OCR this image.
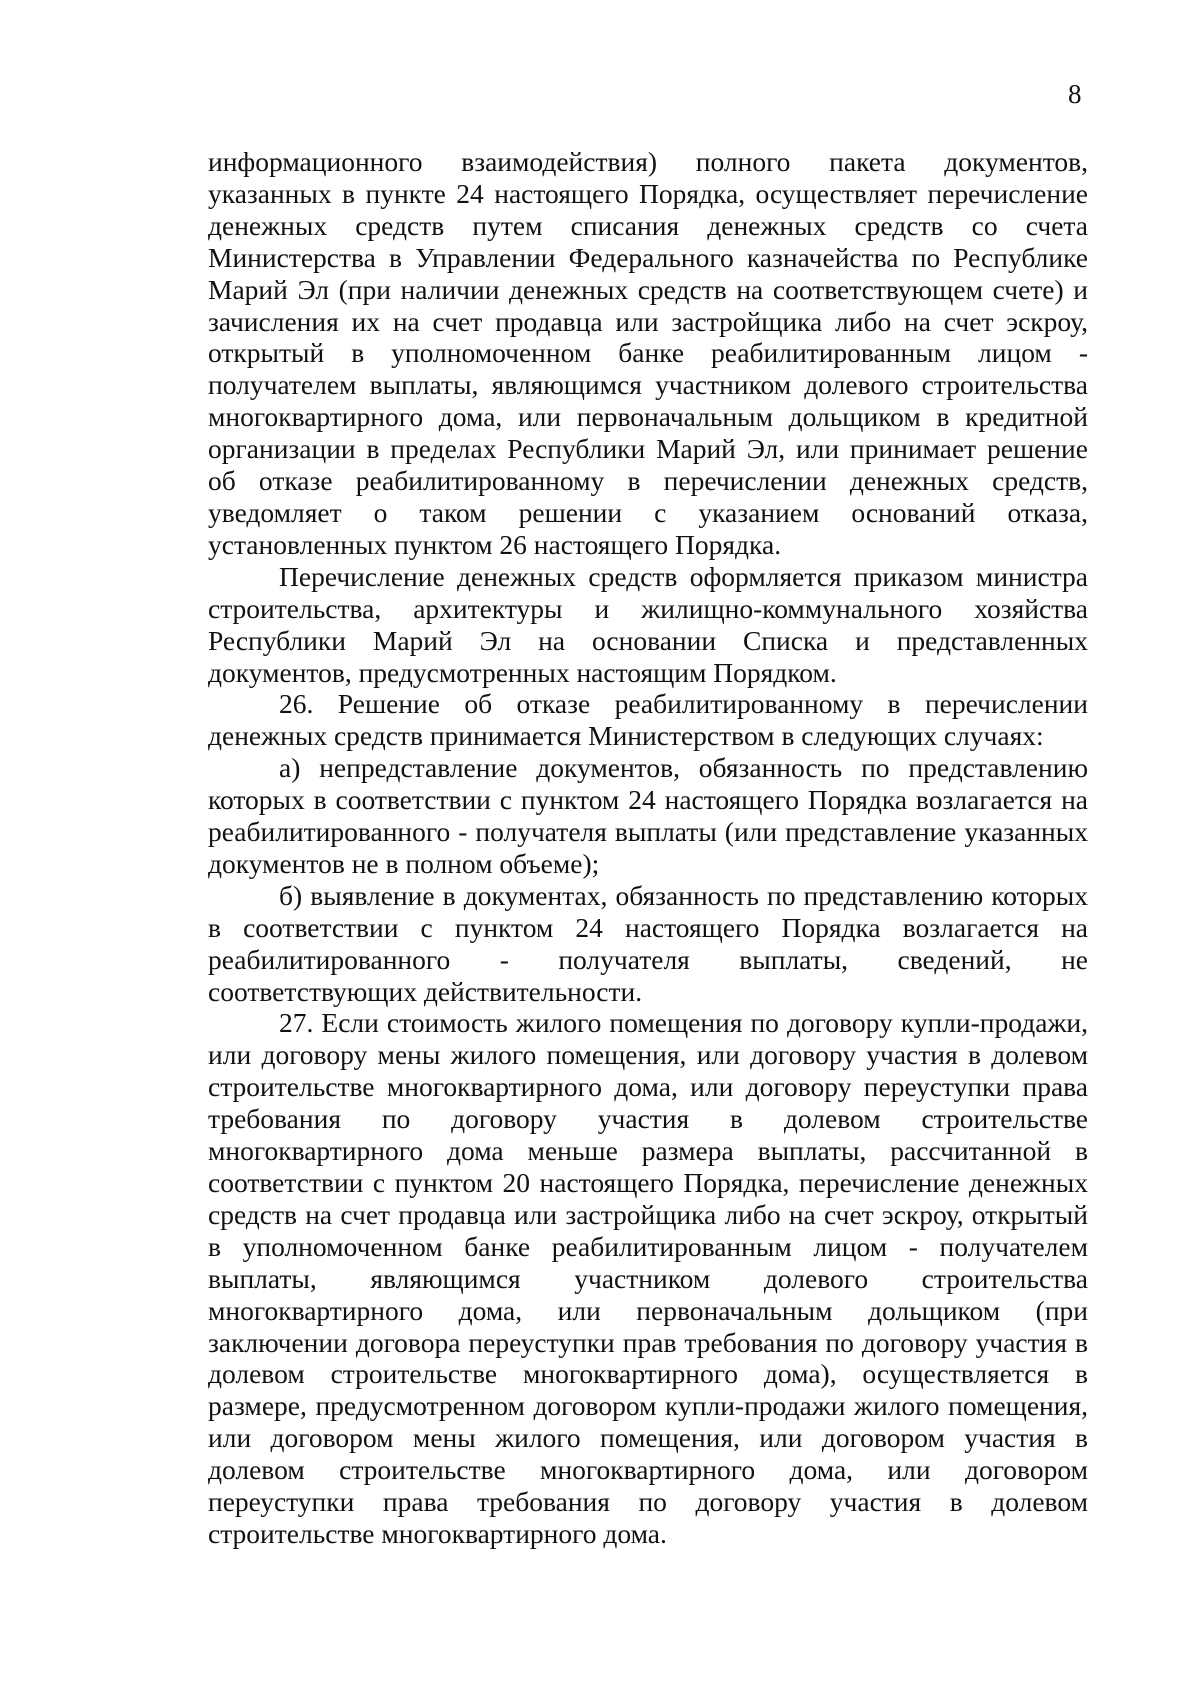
8

информационного взаимодействия) полного пакета документов, указанных в пункте 24 настоящего Порядка, осуществляет перечисление денежных средств путем списания денежных средств со счета Министерства в Управлении Федерального казначейства по Республике Марий Эл (при наличии денежных средств на соответствующем счете) и зачисления их на счет продавца или застройщика либо на счет эскроу, открытый в уполномоченном банке реабилитированным лицом - получателем выплаты, являющимся участником долевого строительства многоквартирного дома, или первоначальным дольщиком в кредитной организации в пределах Республики Марий Эл, или принимает решение об отказе реабилитированному в перечислении денежных средств, уведомляет о таком решении с указанием оснований отказа, установленных пунктом 26 настоящего Порядка.

Перечисление денежных средств оформляется приказом министра строительства, архитектуры и жилищно-коммунального хозяйства Республики Марий Эл на основании Списка и представленных документов, предусмотренных настоящим Порядком.

26. Решение об отказе реабилитированному в перечислении денежных средств принимается Министерством в следующих случаях:

а) непредставление документов, обязанность по представлению которых в соответствии с пунктом 24 настоящего Порядка возлагается на реабилитированного - получателя выплаты (или представление указанных документов не в полном объеме);

б) выявление в документах, обязанность по представлению которых в соответствии с пунктом 24 настоящего Порядка возлагается на реабилитированного - получателя выплаты, сведений, не соответствующих действительности.

27. Если стоимость жилого помещения по договору купли-продажи, или договору мены жилого помещения, или договору участия в долевом строительстве многоквартирного дома, или договору переуступки права требования по договору участия в долевом строительстве многоквартирного дома меньше размера выплаты, рассчитанной в соответствии с пунктом 20 настоящего Порядка, перечисление денежных средств на счет продавца или застройщика либо на счет эскроу, открытый в уполномоченном банке реабилитированным лицом - получателем выплаты, являющимся участником долевого строительства многоквартирного дома, или первоначальным дольщиком (при заключении договора переуступки прав требования по договору участия в долевом строительстве многоквартирного дома), осуществляется в размере, предусмотренном договором купли-продажи жилого помещения, или договором мены жилого помещения, или договором участия в долевом строительстве многоквартирного дома, или договором переуступки права требования по договору участия в долевом строительстве многоквартирного дома.
